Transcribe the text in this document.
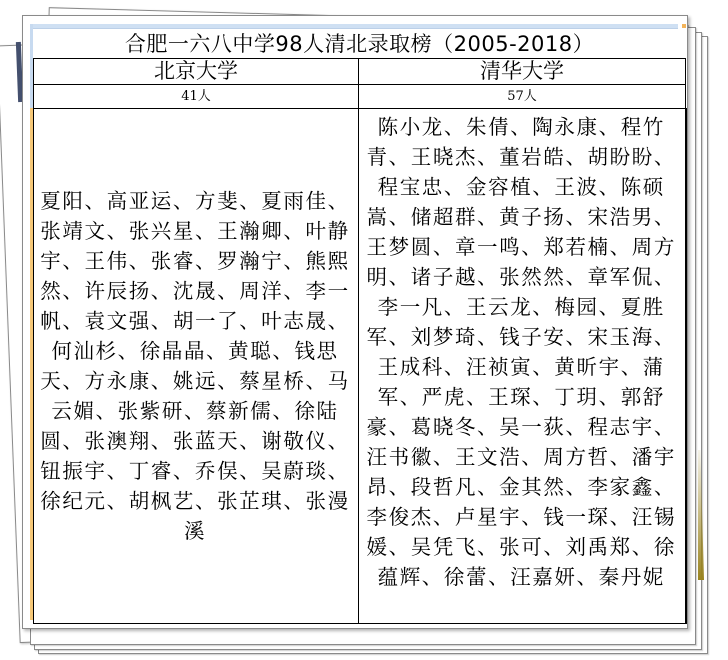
合肥一六八中学98人清北录取榜（2005-2018）	
北京大学	清华大学
41人	57人

夏阳、高亚运、方斐、夏雨佳、张靖文、张兴星、王瀚卿、叶静宇、王伟、张睿、罗瀚宁、熊熙然、许辰扬、沈晟、周洋、李一帆、袁文强、胡一了、叶志晟、何汕杉、徐晶晶、黄聪、钱思天、方永康、姚远、蔡星桥、马云媚、张紫研、蔡新儒、徐陆圆、张澳翔、张蓝天、谢敬仪、钮振宇、丁睿、乔俣、吴蔚琰、徐纪元、胡枫艺、张芷琪、张漫溪	陈小龙、朱倩、陶永康、程竹青、王晓杰、董岩皓、胡盼盼、程宝忠、金容植、王波、陈硕嵩、储超群、黄子扬、宋浩男、王梦圆、章一鸣、郑若楠、周方明、诸子越、张然然、章军侃、李一凡、王云龙、梅园、夏胜军、刘梦琦、钱子安、宋玉海、王成科、汪祯寅、黄昕宇、蒲军、严虎、王琛、丁玥、郭舒豪、葛晓冬、吴一荻、程志宇、汪书徽、王文浩、周方哲、潘宇昂、段哲凡、金其然、李家鑫、李俊杰、卢星宇、钱一琛、汪锡媛、吴凭飞、张可、刘禹郑、徐蕴辉、徐蕾、汪嘉妍、秦丹妮
